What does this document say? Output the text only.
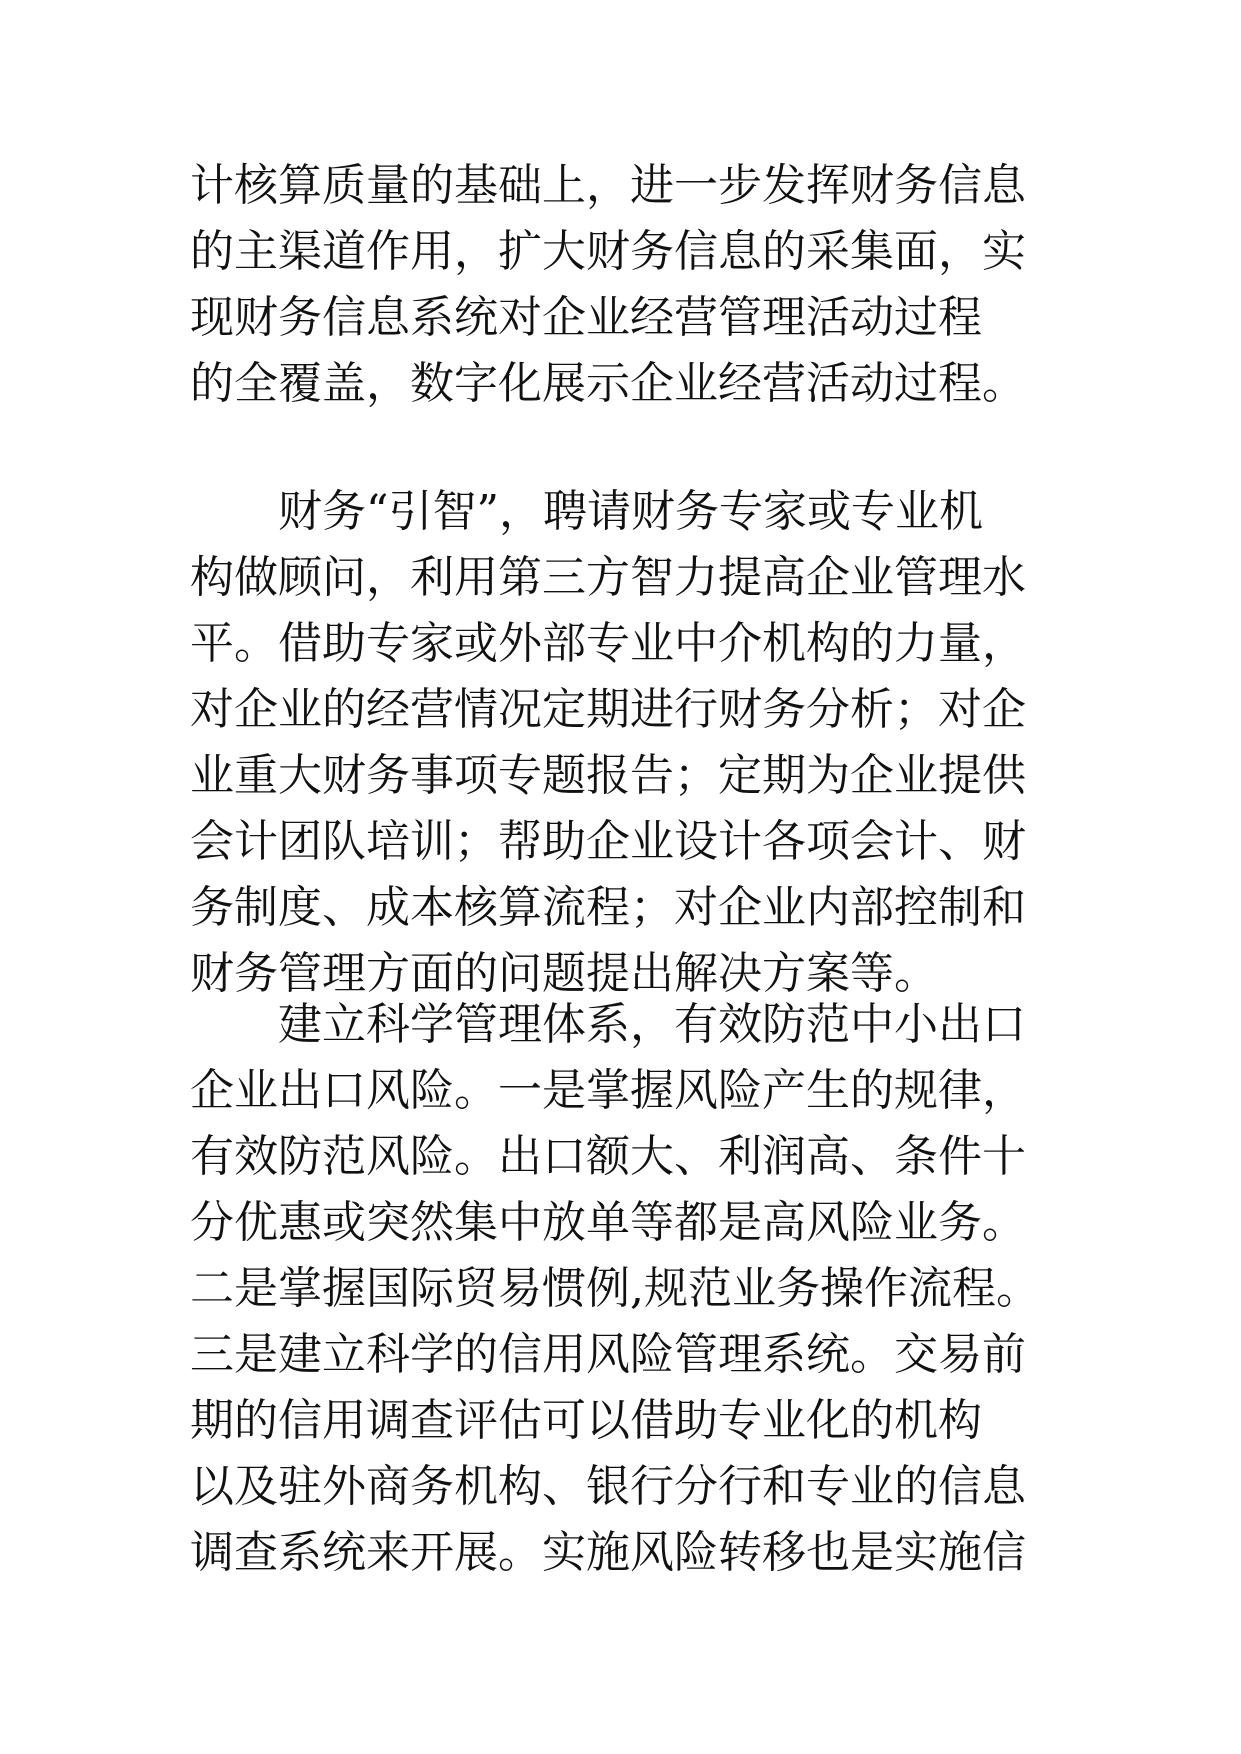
计核算质量的基础上，进一步发挥财务信息
的主渠道作用，扩大财务信息的采集面，实
现财务信息系统对企业经营管理活动过程
的全覆盖，数字化展示企业经营活动过程。
财务“引智”，聘请财务专家或专业机
构做顾问，利用第三方智力提高企业管理水
平。借助专家或外部专业中介机构的力量，
对企业的经营情况定期进行财务分析；对企
业重大财务事项专题报告；定期为企业提供
会计团队培训；帮助企业设计各项会计、财
务制度、成本核算流程；对企业内部控制和
财务管理方面的问题提出解决方案等。
建立科学管理体系，有效防范中小出口
企业出口风险。一是掌握风险产生的规律，
有效防范风险。出口额大、利润高、条件十
分优惠或突然集中放单等都是高风险业务。
二是掌握国际贸易惯例,规范业务操作流程。
三是建立科学的信用风险管理系统。交易前
期的信用调查评估可以借助专业化的机构
以及驻外商务机构、银行分行和专业的信息
调查系统来开展。实施风险转移也是实施信
